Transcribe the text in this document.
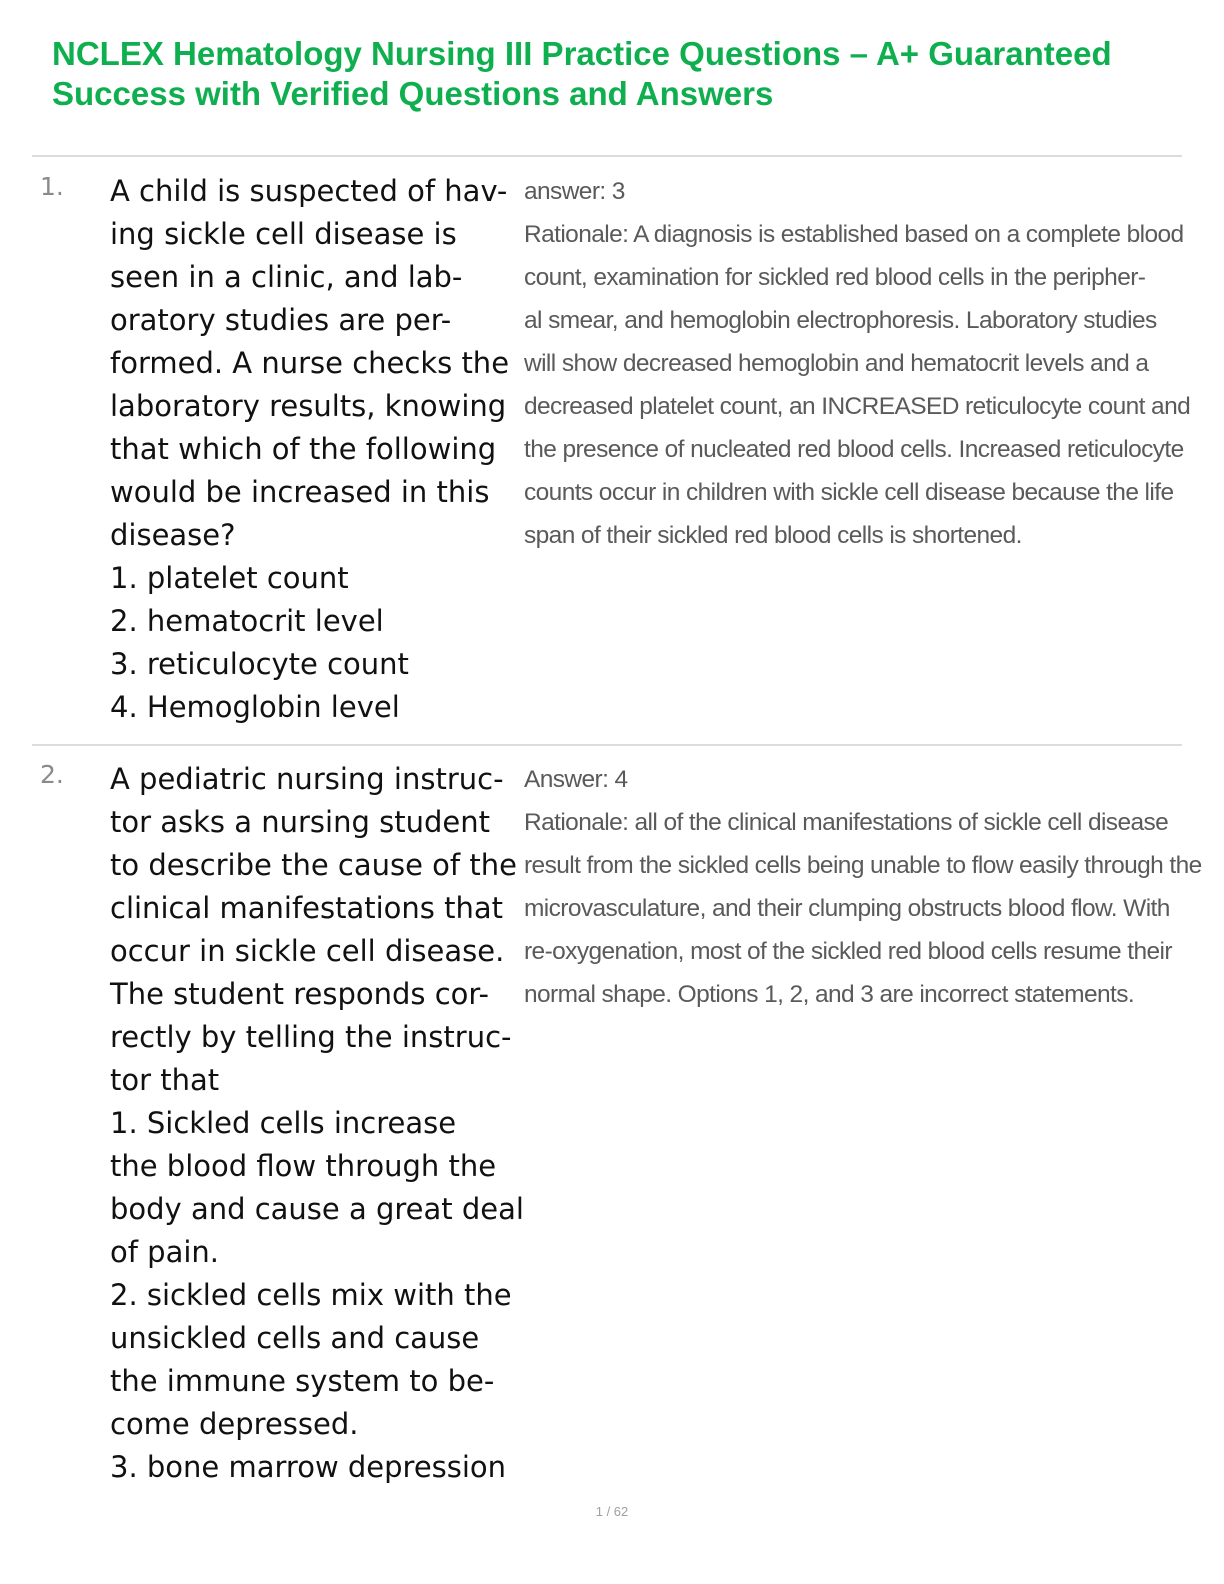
NCLEX Hematology Nursing III Practice Questions – A+ Guaranteed
Success with Verified Questions and Answers
1. A child is suspected of hav-
ing sickle cell disease is
seen in a clinic, and lab-
oratory studies are per-
formed. A nurse checks the
laboratory results, knowing
that which of the following
would be increased in this
disease?
1. platelet count
2. hematocrit level
3. reticulocyte count
4. Hemoglobin level
answer: 3
Rationale: A diagnosis is established based on a complete blood
count, examination for sickled red blood cells in the peripher-
al smear, and hemoglobin electrophoresis. Laboratory studies
will show decreased hemoglobin and hematocrit levels and a
decreased platelet count, an INCREASED reticulocyte count and
the presence of nucleated red blood cells. Increased reticulocyte
counts occur in children with sickle cell disease because the life
span of their sickled red blood cells is shortened.
2. A pediatric nursing instruc-
tor asks a nursing student
to describe the cause of the
clinical manifestations that
occur in sickle cell disease.
The student responds cor-
rectly by telling the instruc-
tor that
1. Sickled cells increase
the blood flow through the
body and cause a great deal
of pain.
2. sickled cells mix with the
unsickled cells and cause
the immune system to be-
come depressed.
3. bone marrow depression
Answer: 4
Rationale: all of the clinical manifestations of sickle cell disease
result from the sickled cells being unable to flow easily through the
microvasculature, and their clumping obstructs blood flow. With
re-oxygenation, most of the sickled red blood cells resume their
normal shape. Options 1, 2, and 3 are incorrect statements.
1 / 62
